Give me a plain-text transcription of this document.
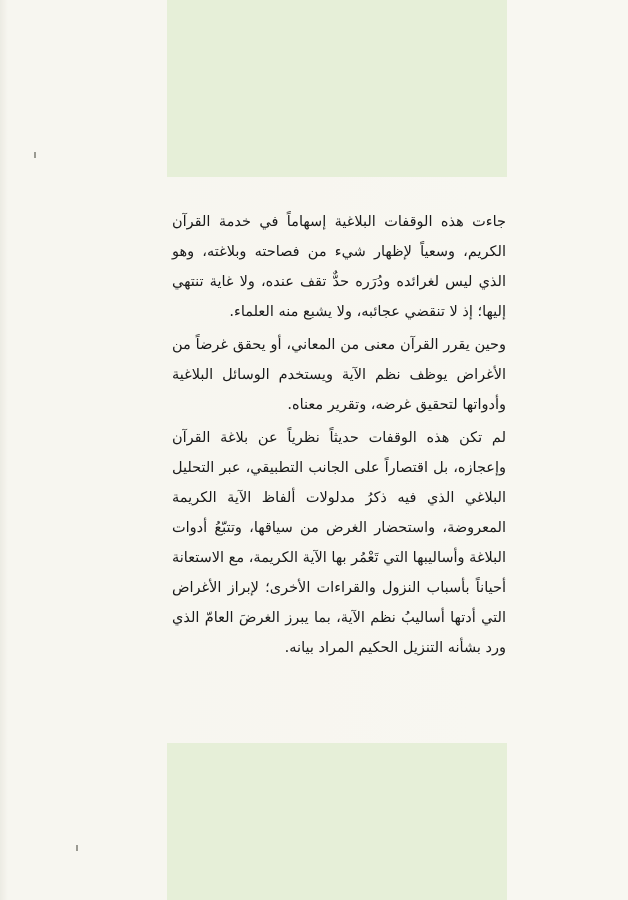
جاءت هذه الوقفات البلاغية إسهاماً في خدمة القرآن الكريم، وسعياً لإظهار شيء من فصاحته وبلاغته، وهو الذي ليس لغرائده ودُرَره حدٌّ تقف عنده، ولا غاية تنتهي إليها؛ إذ لا تنقضي عجائبه، ولا يشبع منه العلماء.

وحين يقرر القرآن معنى من المعاني، أو يحقق غرضاً من الأغراض يوظف نظم الآية ويستخدم الوسائل البلاغية وأدواتها لتحقيق غرضه، وتقرير معناه.

لم تكن هذه الوقفات حديثاً نظرياً عن بلاغة القرآن وإعجازه، بل اقتصاراً على الجانب التطبيقي، عبر التحليل البلاغي الذي فيه ذكرُ مدلولات ألفاظ الآية الكريمة المعروضة، واستحضار الغرض من سياقها، وتتبّعُ أدوات البلاغة وأساليبها التي تَعْمُر بها الآية الكريمة، مع الاستعانة أحياناً بأسباب النزول والقراءات الأخرى؛ لإبراز الأغراض التي أدتها أساليبُ نظم الآية، بما يبرز الغرضَ العامّ الذي ورد بشأنه التنزيل الحكيم المراد بيانه.
